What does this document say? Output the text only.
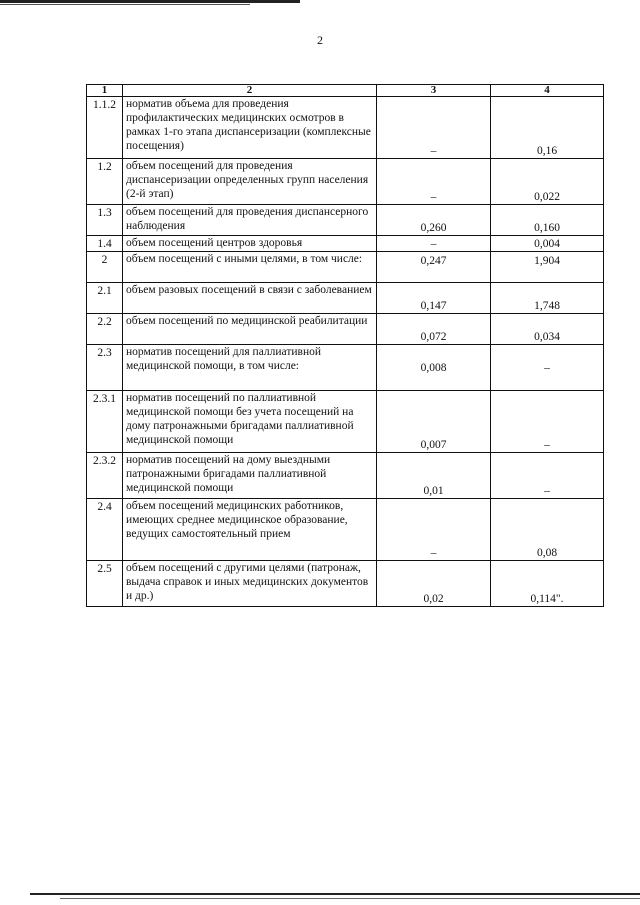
2
1	2	3	4
1.1.2	норматив объема для проведения профилактических медицинских осмотров в рамках 1-го этапа диспансеризации (комплексные посещения)	–	0,16
1.2	объем посещений для проведения диспансеризации определенных групп населения (2-й этап)	–	0,022
1.3	объем посещений для проведения диспансерного наблюдения	0,260	0,160
1.4	объем посещений центров здоровья	–	0,004
2	объем посещений с иными целями, в том числе:	0,247	1,904
2.1	объем разовых посещений в связи с заболеванием	0,147	1,748
2.2	объем посещений по медицинской реабилитации	0,072	0,034
2.3	норматив посещений для паллиативной медицинской помощи, в том числе:	0,008	–
2.3.1	норматив посещений по паллиативной медицинской помощи без учета посещений на дому патронажными бригадами паллиативной медицинской помощи	0,007	–
2.3.2	норматив посещений на дому выездными патронажными бригадами паллиативной медицинской помощи	0,01	–
2.4	объем посещений медицинских работников, имеющих среднее медицинское образование, ведущих самостоятельный прием	–	0,08
2.5	объем посещений с другими целями (патронаж, выдача справок и иных медицинских документов и др.)	0,02	0,114".
